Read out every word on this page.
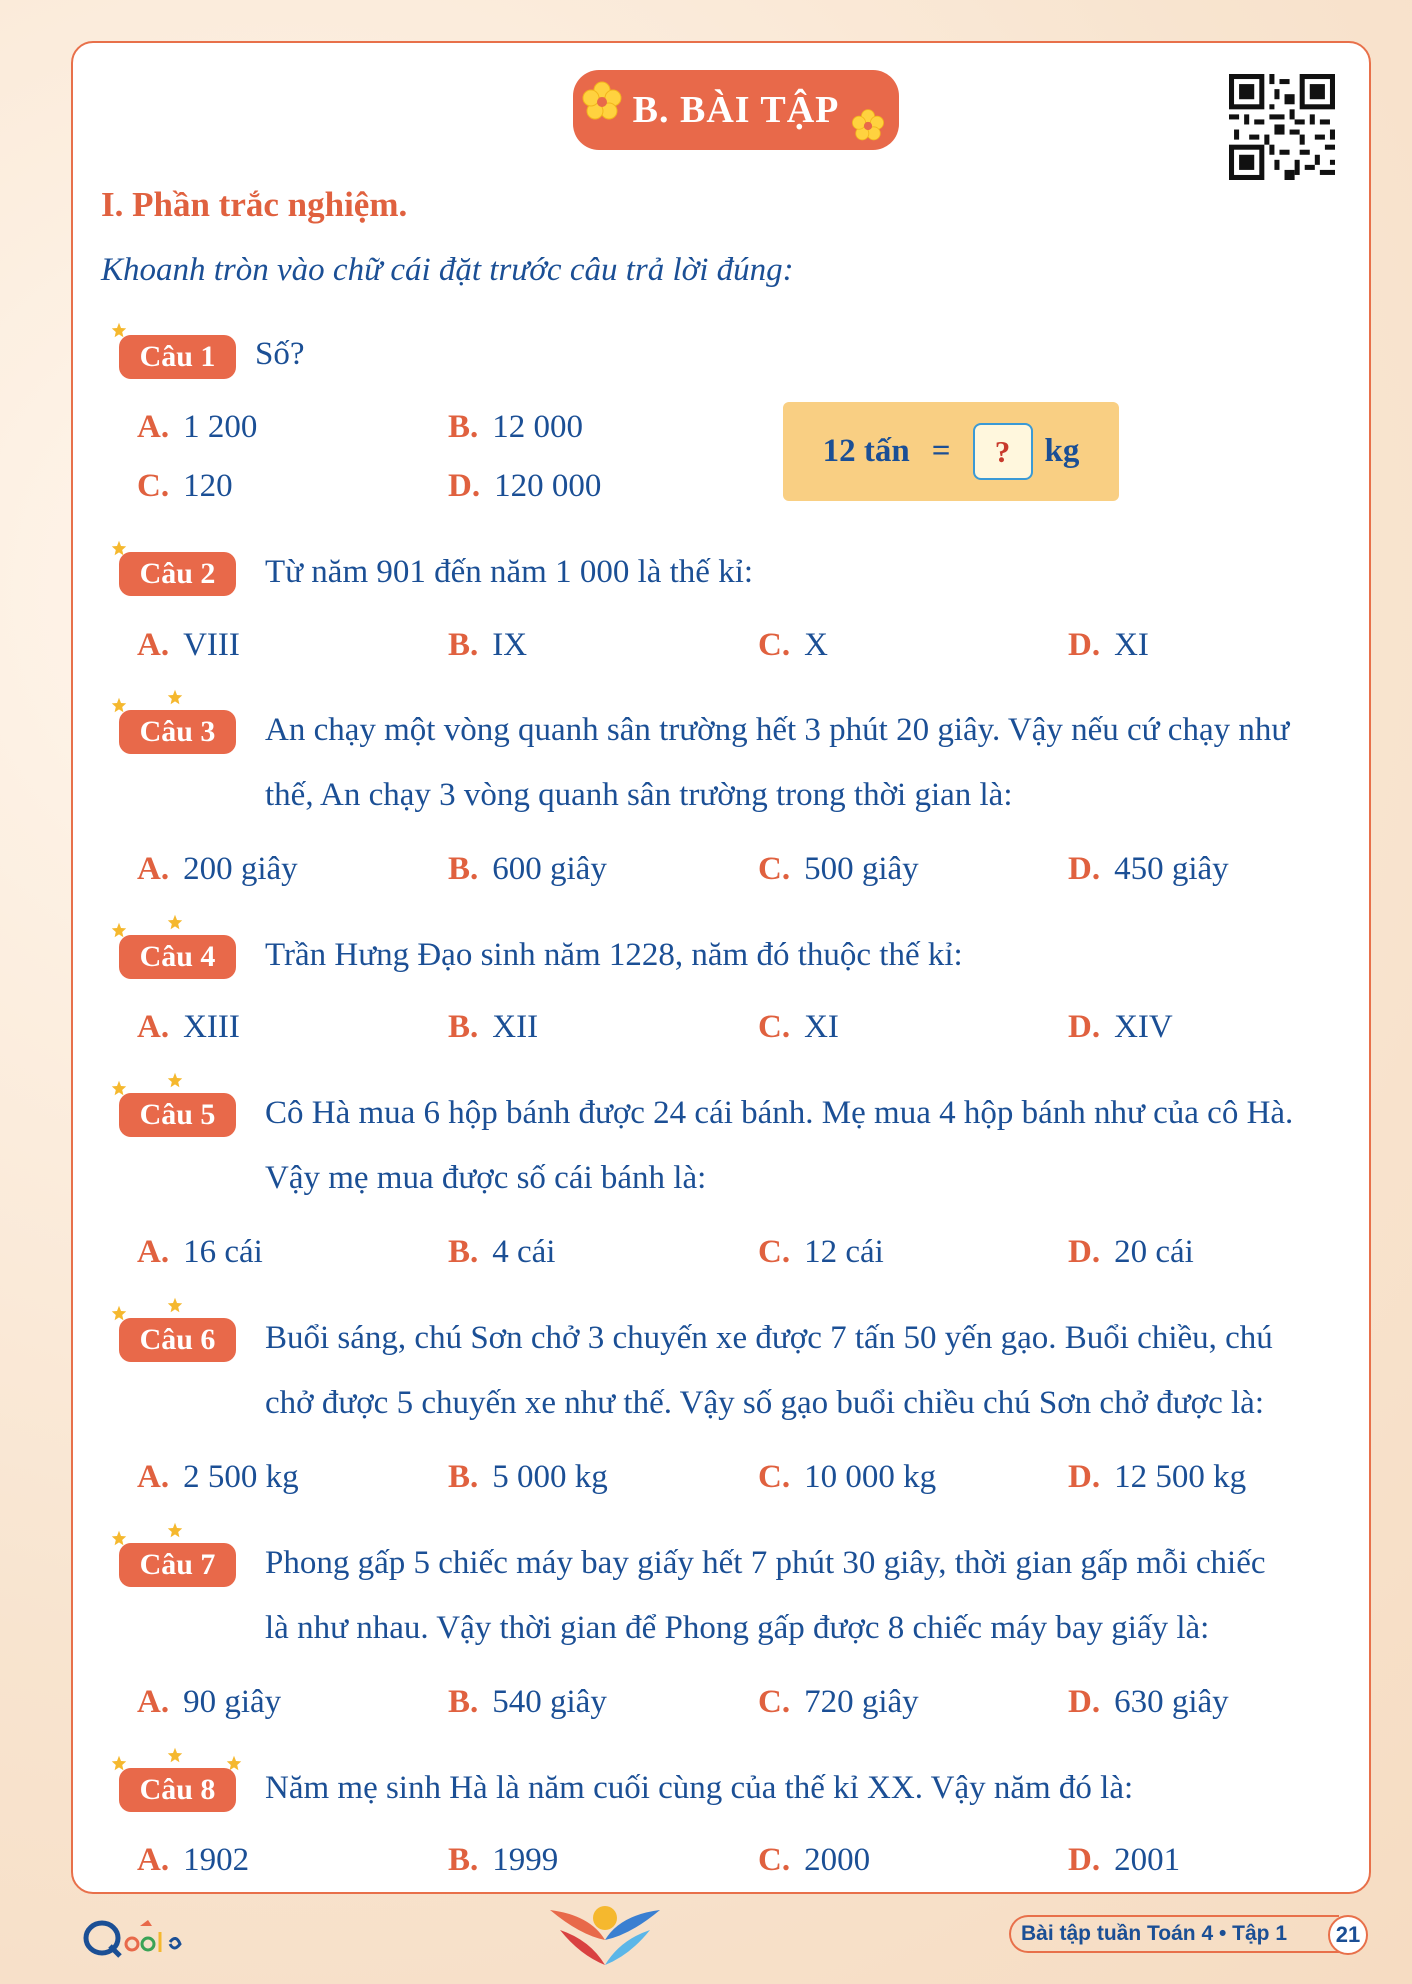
B. BÀI TẬP
I. Phần trắc nghiệm.
Khoanh tròn vào chữ cái đặt trước câu trả lời đúng:
Câu 1	Số?
A. 1 200	B. 12 000
C. 120	D. 120 000
12 tấn =	?	kg
Câu 2	Từ năm 901 đến năm 1 000 là thế kỉ:
A. VIII	B. IX	C. X	D. XI
Câu 3	An chạy một vòng quanh sân trường hết 3 phút 20 giây. Vậy nếu cứ chạy như
thế, An chạy 3 vòng quanh sân trường trong thời gian là:
A. 200 giây	B. 600 giây	C. 500 giây	D. 450 giây
Câu 4	Trần Hưng Đạo sinh năm 1228, năm đó thuộc thế kỉ:
A. XIII	B. XII	C. XI	D. XIV
Câu 5	Cô Hà mua 6 hộp bánh được 24 cái bánh. Mẹ mua 4 hộp bánh như của cô Hà.
Vậy mẹ mua được số cái bánh là:
A. 16 cái	B. 4 cái	C. 12 cái	D. 20 cái
Câu 6	Buổi sáng, chú Sơn chở 3 chuyến xe được 7 tấn 50 yến gạo. Buổi chiều, chú
chở được 5 chuyến xe như thế. Vậy số gạo buổi chiều chú Sơn chở được là:
A. 2 500 kg	B. 5 000 kg	C. 10 000 kg	D. 12 500 kg
Câu 7	Phong gấp 5 chiếc máy bay giấy hết 7 phút 30 giây, thời gian gấp mỗi chiếc
là như nhau. Vậy thời gian để Phong gấp được 8 chiếc máy bay giấy là:
A. 90 giây	B. 540 giây	C. 720 giây	D. 630 giây
Câu 8	Năm mẹ sinh Hà là năm cuối cùng của thế kỉ XX. Vậy năm đó là:
A. 1902	B. 1999	C. 2000	D. 2001
Bài tập tuần Toán 4 • Tập 1	21
